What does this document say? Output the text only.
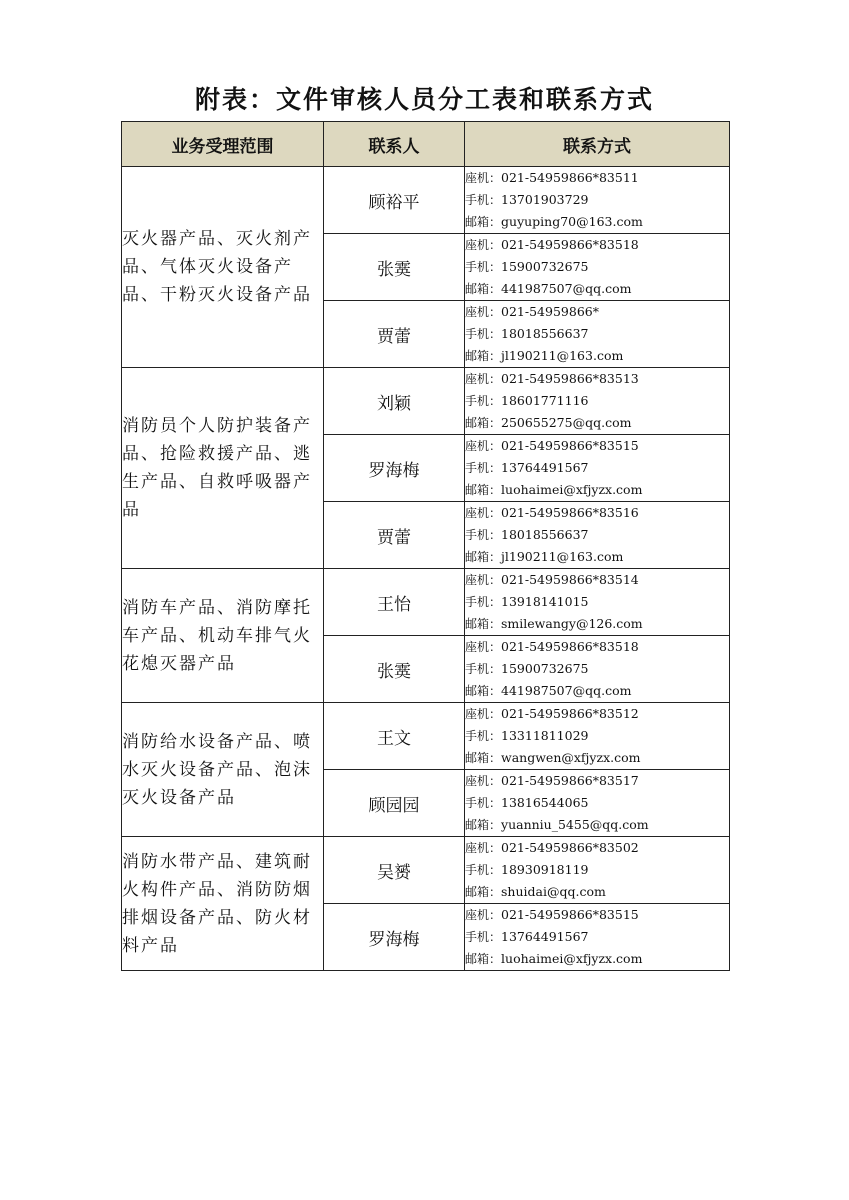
附表：文件审核人员分工表和联系方式
业务受理范围	联系人	联系方式
灭火器产品、灭火剂产品、气体灭火设备产品、干粉灭火设备产品	顾裕平	座机：021-54959866*83511
手机：13701903729
邮箱：guyuping70@163.com

	张霙	座机：021-54959866*83518
手机：15900732675
邮箱：441987507@qq.com

	贾蕾	座机：021-54959866*
手机：18018556637
邮箱：jl190211@163.com

消防员个人防护装备产品、抢险救援产品、逃生产品、自救呼吸器产品	刘颖	座机：021-54959866*83513
手机：18601771116
邮箱：250655275@qq.com

	罗海梅	座机：021-54959866*83515
手机：13764491567
邮箱：luohaimei@xfjyzx.com

	贾蕾	座机：021-54959866*83516
手机：18018556637
邮箱：jl190211@163.com

消防车产品、消防摩托车产品、机动车排气火花熄灭器产品	王怡	座机：021-54959866*83514
手机：13918141015
邮箱：smilewangy@126.com

	张霙	座机：021-54959866*83518
手机：15900732675
邮箱：441987507@qq.com

消防给水设备产品、喷水灭火设备产品、泡沫灭火设备产品	王文	座机：021-54959866*83512
手机：13311811029
邮箱：wangwen@xfjyzx.com

	顾园园	座机：021-54959866*83517
手机：13816544065
邮箱：yuanniu_5455@qq.com

消防水带产品、建筑耐火构件产品、消防防烟排烟设备产品、防火材料产品	吴赟	座机：021-54959866*83502
手机：18930918119
邮箱：shuidai@qq.com

	罗海梅	座机：021-54959866*83515
手机：13764491567
邮箱：luohaimei@xfjyzx.com
